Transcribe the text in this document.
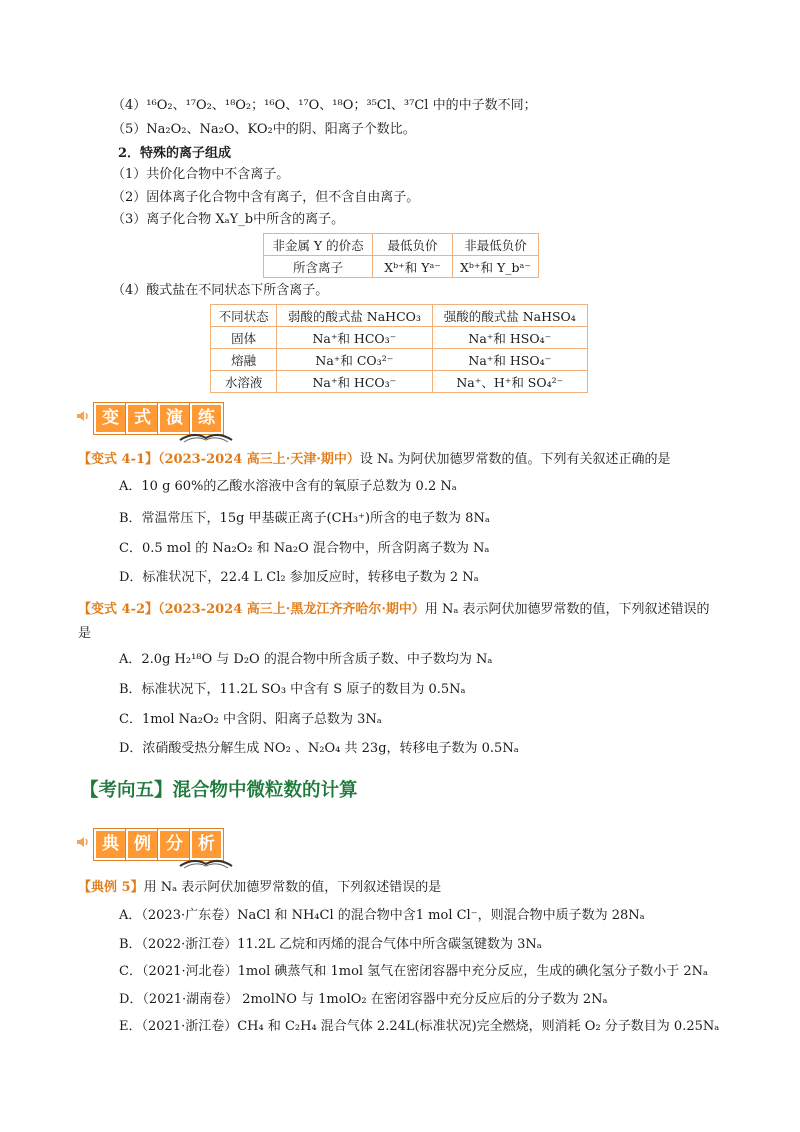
（4）¹⁶O₂、¹⁷O₂、¹⁸O₂；¹⁶O、¹⁷O、¹⁸O；³⁵Cl、³⁷Cl 中的中子数不同；
（5）Na₂O₂、Na₂O、KO₂中的阴、阳离子个数比。
2．特殊的离子组成
（1）共价化合物中不含离子。
（2）固体离子化合物中含有离子，但不含自由离子。
（3）离子化合物 XₐY_b中所含的离子。
非金属 Y 的价态	最低负价	非最低负价
所含离子	Xᵇ⁺和 Yᵃ⁻	Xᵇ⁺和 Y_bᵃ⁻
（4）酸式盐在不同状态下所含离子。
不同状态	弱酸的酸式盐 NaHCO₃	强酸的酸式盐 NaHSO₄
固体	Na⁺和 HCO₃⁻	Na⁺和 HSO₄⁻
熔融	Na⁺和 CO₃²⁻	Na⁺和 HSO₄⁻
水溶液	Na⁺和 HCO₃⁻	Na⁺、H⁺和 SO₄²⁻
变 式 演 练
【变式 4-1】（2023-2024 高三上·天津·期中）设 Nₐ 为阿伏加德罗常数的值。下列有关叙述正确的是
A．10 g 60%的乙酸水溶液中含有的氧原子总数为 0.2 Nₐ
B．常温常压下，15g 甲基碳正离子(CH₃⁺)所含的电子数为 8Nₐ
C．0.5 mol 的 Na₂O₂ 和 Na₂O 混合物中，所含阴离子数为 Nₐ
D．标准状况下，22.4 L Cl₂ 参加反应时，转移电子数为 2 Nₐ
【变式 4-2】（2023-2024 高三上·黑龙江齐齐哈尔·期中）用 Nₐ 表示阿伏加德罗常数的值，下列叙述错误的
是
A．2.0g H₂¹⁸O 与 D₂O 的混合物中所含质子数、中子数均为 Nₐ
B．标准状况下，11.2L SO₃ 中含有 S 原子的数目为 0.5Nₐ
C．1mol Na₂O₂ 中含阴、阳离子总数为 3Nₐ
D．浓硝酸受热分解生成 NO₂ 、N₂O₄ 共 23g，转移电子数为 0.5Nₐ
【考向五】混合物中微粒数的计算
典 例 分 析
【典例 5】用 Nₐ 表示阿伏加德罗常数的值，下列叙述错误的是
A．（2023·广东卷）NaCl 和 NH₄Cl 的混合物中含1 mol Cl⁻，则混合物中质子数为 28Nₐ
B．（2022·浙江卷）11.2L 乙烷和丙烯的混合气体中所含碳氢键数为 3Nₐ
C．（2021·河北卷）1mol 碘蒸气和 1mol 氢气在密闭容器中充分反应，生成的碘化氢分子数小于 2Nₐ
D．（2021·湖南卷） 2molNO 与 1molO₂ 在密闭容器中充分反应后的分子数为 2Nₐ
E．（2021·浙江卷）CH₄ 和 C₂H₄ 混合气体 2.24L(标准状况)完全燃烧，则消耗 O₂ 分子数目为 0.25Nₐ
